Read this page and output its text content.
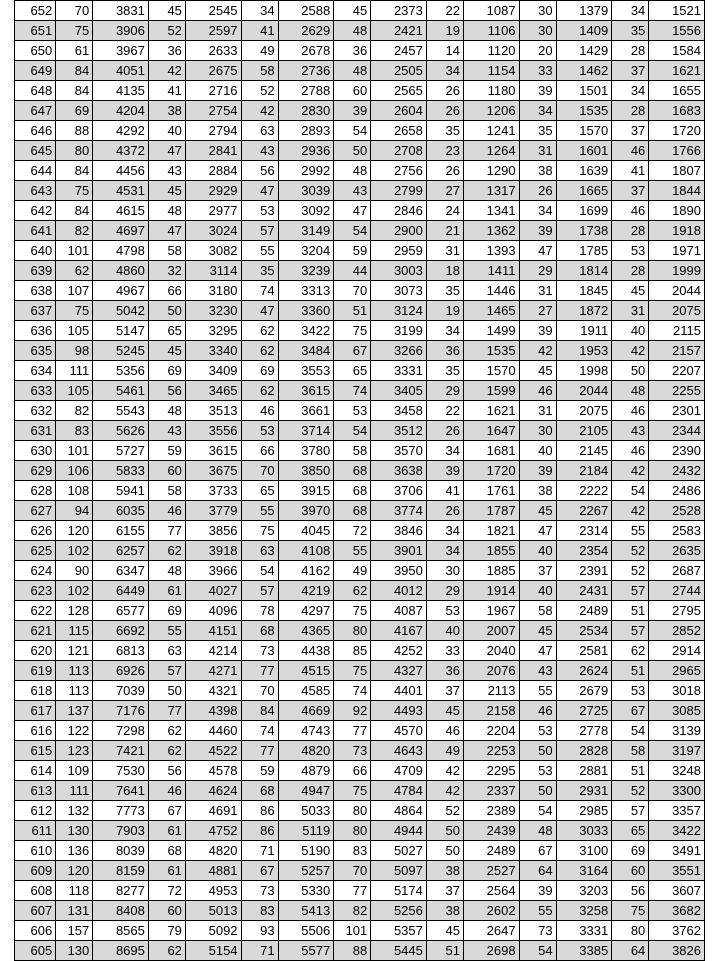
652	70	3831	45	2545	34	2588	45	2373	22	1087	30	1379	34	1521
651	75	3906	52	2597	41	2629	48	2421	19	1106	30	1409	35	1556
650	61	3967	36	2633	49	2678	36	2457	14	1120	20	1429	28	1584
649	84	4051	42	2675	58	2736	48	2505	34	1154	33	1462	37	1621
648	84	4135	41	2716	52	2788	60	2565	26	1180	39	1501	34	1655
647	69	4204	38	2754	42	2830	39	2604	26	1206	34	1535	28	1683
646	88	4292	40	2794	63	2893	54	2658	35	1241	35	1570	37	1720
645	80	4372	47	2841	43	2936	50	2708	23	1264	31	1601	46	1766
644	84	4456	43	2884	56	2992	48	2756	26	1290	38	1639	41	1807
643	75	4531	45	2929	47	3039	43	2799	27	1317	26	1665	37	1844
642	84	4615	48	2977	53	3092	47	2846	24	1341	34	1699	46	1890
641	82	4697	47	3024	57	3149	54	2900	21	1362	39	1738	28	1918
640	101	4798	58	3082	55	3204	59	2959	31	1393	47	1785	53	1971
639	62	4860	32	3114	35	3239	44	3003	18	1411	29	1814	28	1999
638	107	4967	66	3180	74	3313	70	3073	35	1446	31	1845	45	2044
637	75	5042	50	3230	47	3360	51	3124	19	1465	27	1872	31	2075
636	105	5147	65	3295	62	3422	75	3199	34	1499	39	1911	40	2115
635	98	5245	45	3340	62	3484	67	3266	36	1535	42	1953	42	2157
634	111	5356	69	3409	69	3553	65	3331	35	1570	45	1998	50	2207
633	105	5461	56	3465	62	3615	74	3405	29	1599	46	2044	48	2255
632	82	5543	48	3513	46	3661	53	3458	22	1621	31	2075	46	2301
631	83	5626	43	3556	53	3714	54	3512	26	1647	30	2105	43	2344
630	101	5727	59	3615	66	3780	58	3570	34	1681	40	2145	46	2390
629	106	5833	60	3675	70	3850	68	3638	39	1720	39	2184	42	2432
628	108	5941	58	3733	65	3915	68	3706	41	1761	38	2222	54	2486
627	94	6035	46	3779	55	3970	68	3774	26	1787	45	2267	42	2528
626	120	6155	77	3856	75	4045	72	3846	34	1821	47	2314	55	2583
625	102	6257	62	3918	63	4108	55	3901	34	1855	40	2354	52	2635
624	90	6347	48	3966	54	4162	49	3950	30	1885	37	2391	52	2687
623	102	6449	61	4027	57	4219	62	4012	29	1914	40	2431	57	2744
622	128	6577	69	4096	78	4297	75	4087	53	1967	58	2489	51	2795
621	115	6692	55	4151	68	4365	80	4167	40	2007	45	2534	57	2852
620	121	6813	63	4214	73	4438	85	4252	33	2040	47	2581	62	2914
619	113	6926	57	4271	77	4515	75	4327	36	2076	43	2624	51	2965
618	113	7039	50	4321	70	4585	74	4401	37	2113	55	2679	53	3018
617	137	7176	77	4398	84	4669	92	4493	45	2158	46	2725	67	3085
616	122	7298	62	4460	74	4743	77	4570	46	2204	53	2778	54	3139
615	123	7421	62	4522	77	4820	73	4643	49	2253	50	2828	58	3197
614	109	7530	56	4578	59	4879	66	4709	42	2295	53	2881	51	3248
613	111	7641	46	4624	68	4947	75	4784	42	2337	50	2931	52	3300
612	132	7773	67	4691	86	5033	80	4864	52	2389	54	2985	57	3357
611	130	7903	61	4752	86	5119	80	4944	50	2439	48	3033	65	3422
610	136	8039	68	4820	71	5190	83	5027	50	2489	67	3100	69	3491
609	120	8159	61	4881	67	5257	70	5097	38	2527	64	3164	60	3551
608	118	8277	72	4953	73	5330	77	5174	37	2564	39	3203	56	3607
607	131	8408	60	5013	83	5413	82	5256	38	2602	55	3258	75	3682
606	157	8565	79	5092	93	5506	101	5357	45	2647	73	3331	80	3762
605	130	8695	62	5154	71	5577	88	5445	51	2698	54	3385	64	3826
